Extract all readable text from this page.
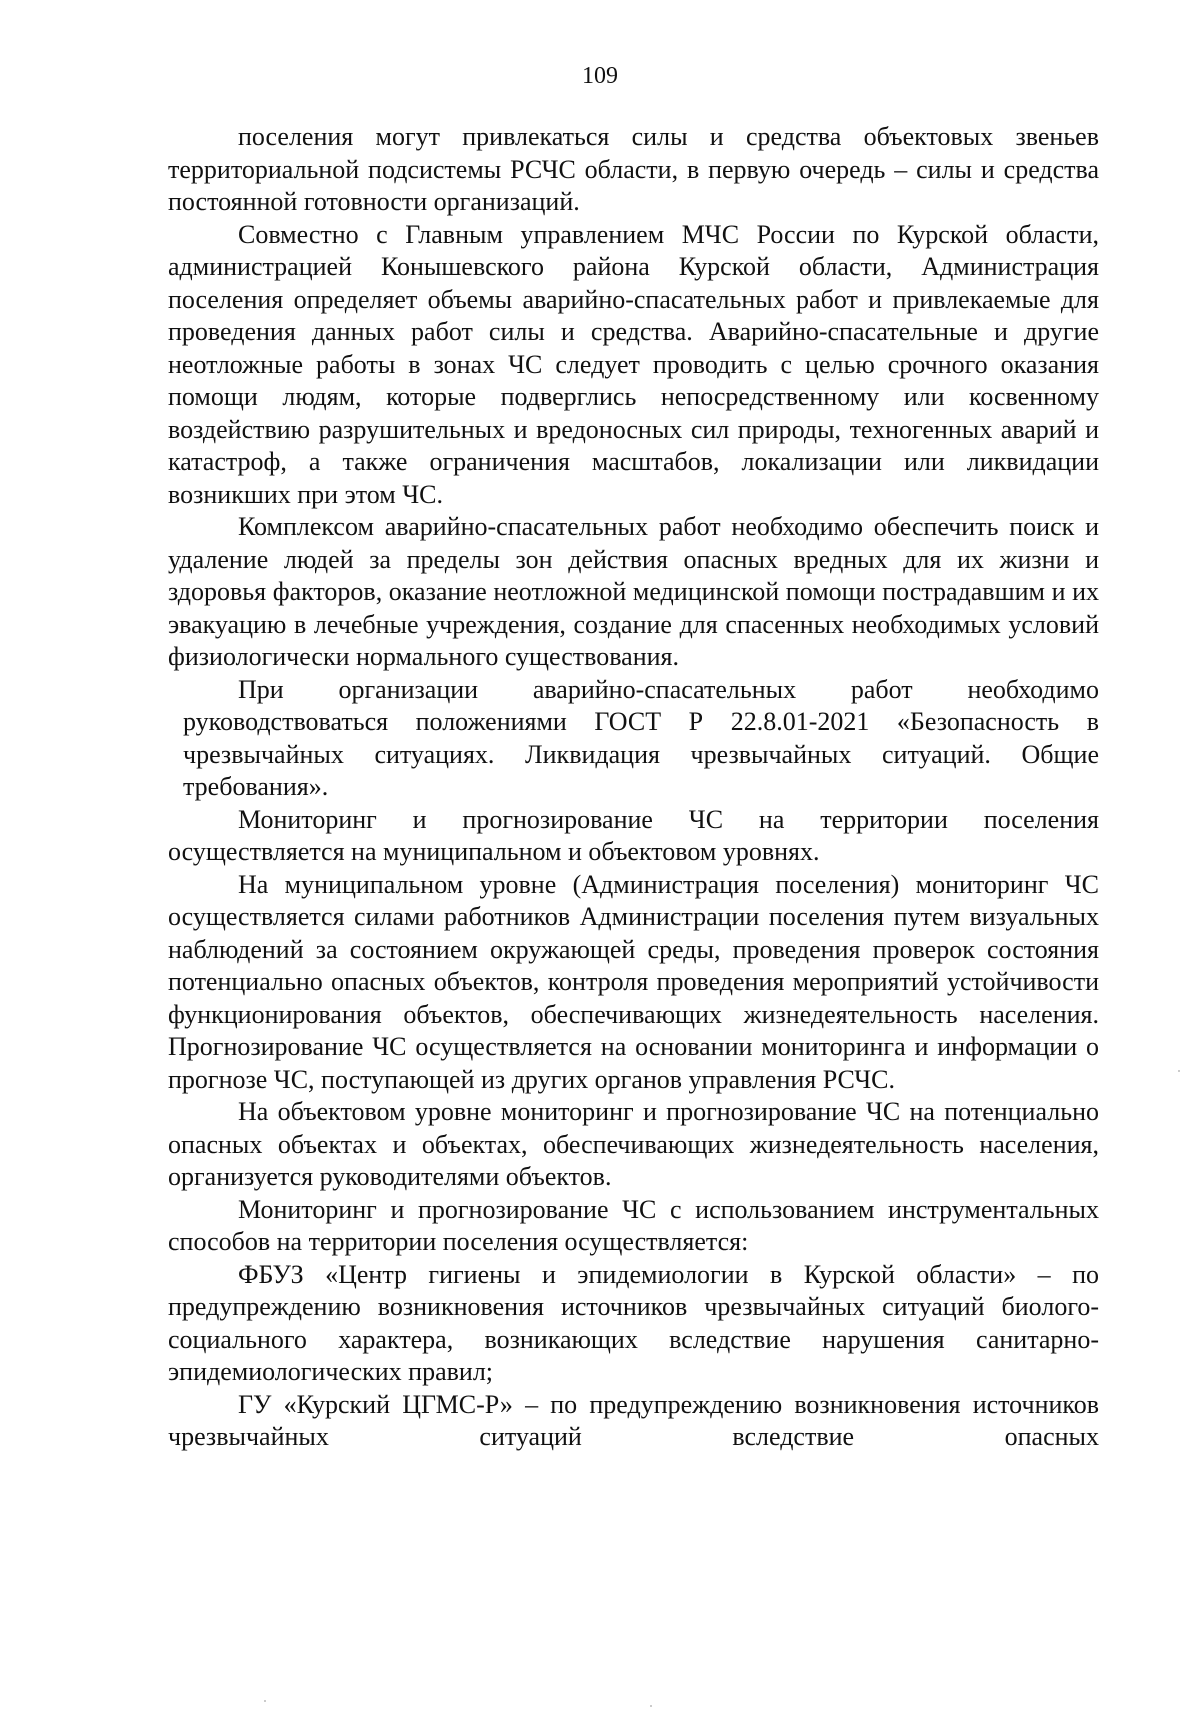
109

поселения могут привлекаться силы и средства объектовых звеньев территориальной подсистемы РСЧС области, в первую очередь – силы и средства постоянной готовности организаций.

Совместно с Главным управлением МЧС России по Курской области, администрацией Конышевского района Курской области, Администрация поселения определяет объемы аварийно-спасательных работ и привлекаемые для проведения данных работ силы и средства. Аварийно-спасательные и другие неотложные работы в зонах ЧС следует проводить с целью срочного оказания помощи людям, которые подверглись непосредственному или косвенному воздействию разрушительных и вредоносных сил природы, техногенных аварий и катастроф, а также ограничения масштабов, локализации или ликвидации возникших при этом ЧС.

Комплексом аварийно-спасательных работ необходимо обеспечить поиск и удаление людей за пределы зон действия опасных вредных для их жизни и здоровья факторов, оказание неотложной медицинской помощи пострадавшим и их эвакуацию в лечебные учреждения, создание для спасенных необходимых условий физиологически нормального существования.

При организации аварийно-спасательных работ необходимо руководствоваться положениями ГОСТ Р 22.8.01-2021 «Безопасность в чрезвычайных ситуациях. Ликвидация чрезвычайных ситуаций. Общие требования».

Мониторинг и прогнозирование ЧС на территории поселения осуществляется на муниципальном и объектовом уровнях.

На муниципальном уровне (Администрация поселения) мониторинг ЧС осуществляется силами работников Администрации поселения путем визуальных наблюдений за состоянием окружающей среды, проведения проверок состояния потенциально опасных объектов, контроля проведения мероприятий устойчивости функционирования объектов, обеспечивающих жизнедеятельность населения. Прогнозирование ЧС осуществляется на основании мониторинга и информации о прогнозе ЧС, поступающей из других органов управления РСЧС.

На объектовом уровне мониторинг и прогнозирование ЧС на потенциально опасных объектах и объектах, обеспечивающих жизнедеятельность населения, организуется руководителями объектов.

Мониторинг и прогнозирование ЧС с использованием инструментальных способов на территории поселения осуществляется:

ФБУЗ «Центр гигиены и эпидемиологии в Курской области» – по предупреждению возникновения источников чрезвычайных ситуаций биолого-социального характера, возникающих вследствие нарушения санитарно-эпидемиологических правил;

ГУ «Курский ЦГМС-Р» – по предупреждению возникновения источников чрезвычайных ситуаций вследствие опасных
